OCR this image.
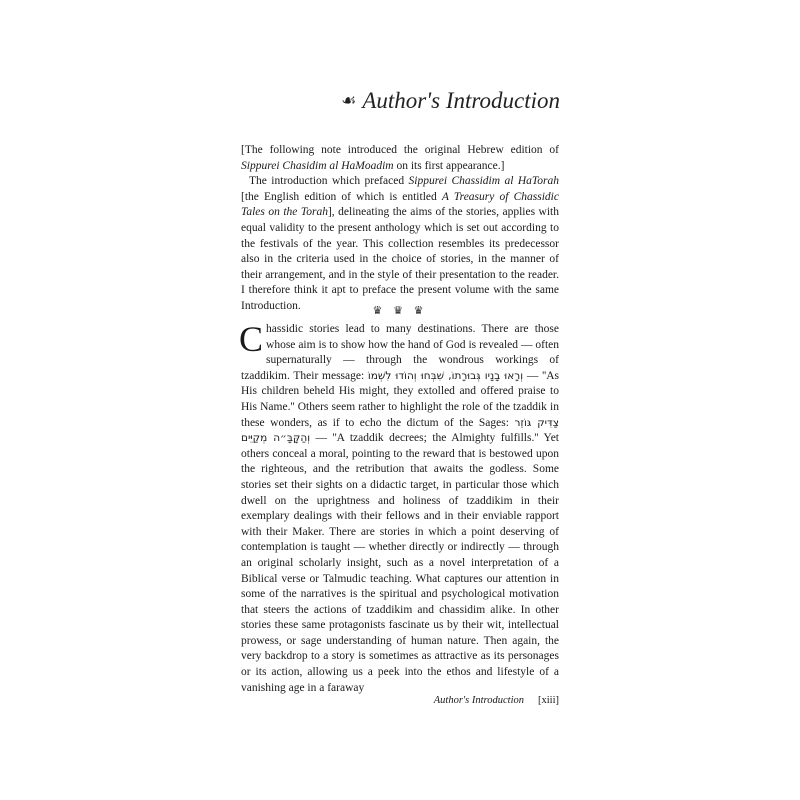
☙ Author's Introduction

[The following note introduced the original Hebrew edition of Sippurei Chasidim al HaMoadim on its first appearance.]

The introduction which prefaced Sippurei Chassidim al HaTorah [the English edition of which is entitled A Treasury of Chassidic Tales on the Torah], delineating the aims of the stories, applies with equal validity to the present anthology which is set out according to the festivals of the year. This collection resembles its predecessor also in the criteria used in the choice of stories, in the manner of their arrangement, and in the style of their presentation to the reader. I therefore think it apt to preface the present volume with the same Introduction.	♛ ♛ ♛

Chassidic stories lead to many destinations. There are those whose aim is to show how the hand of God is revealed — often supernaturally — through the wondrous workings of tzaddikim. Their message: וְרָאוּ בָנָיו גְּבוּרָתוֹ, שִׁבְּחוּ וְהוֹדוּ לִשְׁמוֹ — ''As His children beheld His might, they extolled and offered praise to His Name.'' Others seem rather to highlight the role of the tzaddik in these wonders, as if to echo the dictum of the Sages: צַדִּיק גּוֹזֵר וְהַקָּבָּ״ה מְקַיֵּים — ''A tzaddik decrees; the Almighty fulfills.'' Yet others conceal a moral, pointing to the reward that is bestowed upon the righteous, and the retribution that awaits the godless. Some stories set their sights on a didactic target, in particular those which dwell on the uprightness and holiness of tzaddikim in their exemplary dealings with their fellows and in their enviable rapport with their Maker. There are stories in which a point deserving of contemplation is taught — whether directly or indirectly — through an original scholarly insight, such as a novel interpretation of a Biblical verse or Talmudic teaching. What captures our attention in some of the narratives is the spiritual and psychological motivation that steers the actions of tzaddikim and chassidim alike. In other stories these same protagonists fascinate us by their wit, intellectual prowess, or sage understanding of human nature. Then again, the very backdrop to a story is sometimes as attractive as its personages or its action, allowing us a peek into the ethos and lifestyle of a vanishing age in a faraway

Author's Introduction [xiii]
